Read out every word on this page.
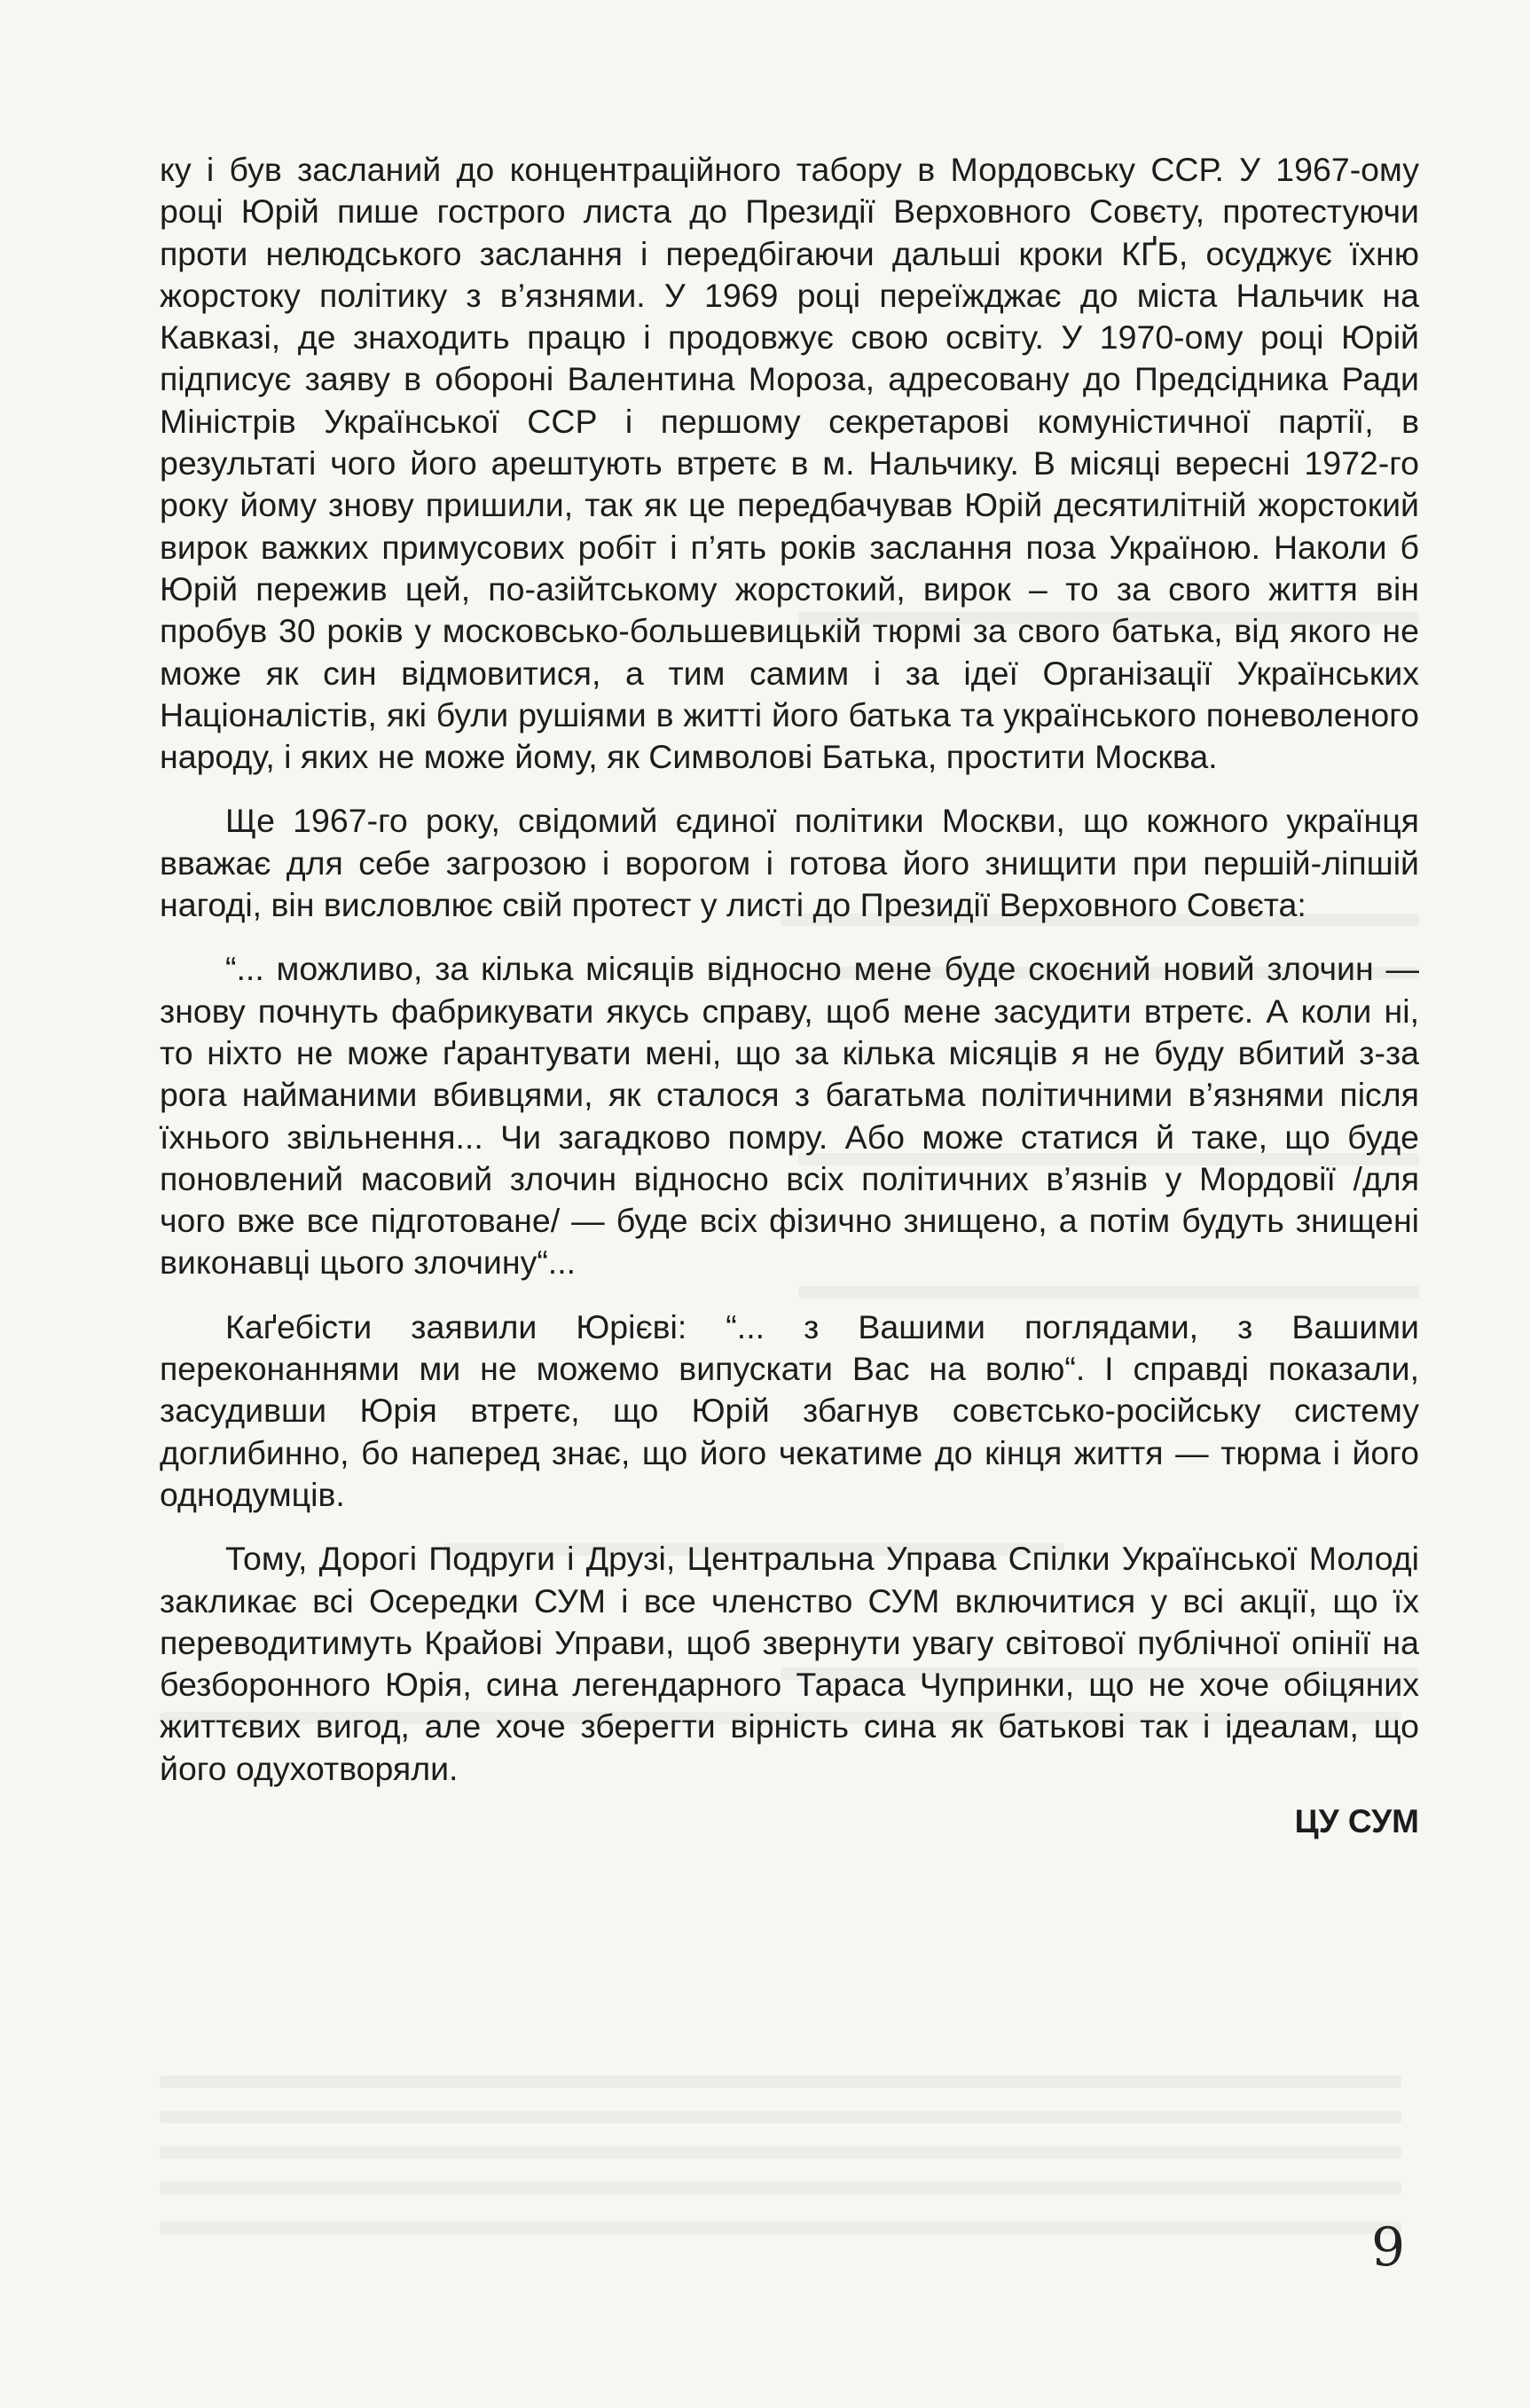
ку і був засланий до концентраційного табору в Мордовську ССР. У 1967-ому році Юрій пише гострого листа до Президії Верховного Совєту, протестуючи проти нелюдського заслання і передбігаючи дальші кроки КҐБ, осуджує їхню жорстоку політику з в’язнями. У 1969 році переїжджає до міста Нальчик на Кавказі, де знаходить працю і продовжує свою освіту. У 1970-ому році Юрій підписує заяву в обороні Валентина Мороза, адресовану до Предсідника Ради Міністрів Української ССР і першому секретарові комуністичної партії, в результаті чого його арештують втретє в м. Нальчику. В місяці вересні 1972-го року йому знову пришили, так як це передбачував Юрій десятилітній жорстокий вирок важких примусових робіт і п’ять років заслання поза Україною. Наколи б Юрій пережив цей, по-азійтському жорстокий, вирок – то за свого життя він пробув 30 років у московсько-большевицькій тюрмі за свого батька, від якого не може як син відмовитися, а тим самим і за ідеї Організації Українських Націоналістів, які були рушіями в житті його батька та українського поневоленого народу, і яких не може йому, як Символові Батька, простити Москва.

Ще 1967-го року, свідомий єдиної політики Москви, що кожного українця вважає для себе загрозою і ворогом і готова його знищити при першій-ліпшій нагоді, він висловлює свій протест у листі до Президії Верховного Совєта:

“... можливо, за кілька місяців відносно мене буде скоєний новий злочин — знову почнуть фабрикувати якусь справу, щоб мене засудити втретє. А коли ні, то ніхто не може ґарантувати мені, що за кілька місяців я не буду вбитий з-за рога найманими вбивцями, як сталося з багатьма політичними в’язнями після їхнього звільнення... Чи загадково помру. Або може статися й таке, що буде поновлений масовий злочин відносно всіх політичних в’язнів у Мордовії /для чого вже все підготоване/ — буде всіх фізично знищено, а потім будуть знищені виконавці цього злочину“...

Каґебісти заявили Юрієві: “... з Вашими поглядами, з Вашими переконаннями ми не можемо випускати Вас на волю“. І справді показали, засудивши Юрія втретє, що Юрій збагнув совєтсько-російську систему доглибинно, бо наперед знає, що його чекатиме до кінця життя — тюрма і його однодумців.

Тому, Дорогі Подруги і Друзі, Центральна Управа Спілки Української Молоді закликає всі Осередки СУМ і все членство СУМ включитися у всі акції, що їх переводитимуть Крайові Управи, щоб звернути увагу світової публічної опінії на безборонного Юрія, сина легендарного Тараса Чупринки, що не хоче обіцяних життєвих вигод, але хоче зберегти вірність сина як батькові так і ідеалам, що його одухотворяли.

ЦУ СУМ
9
